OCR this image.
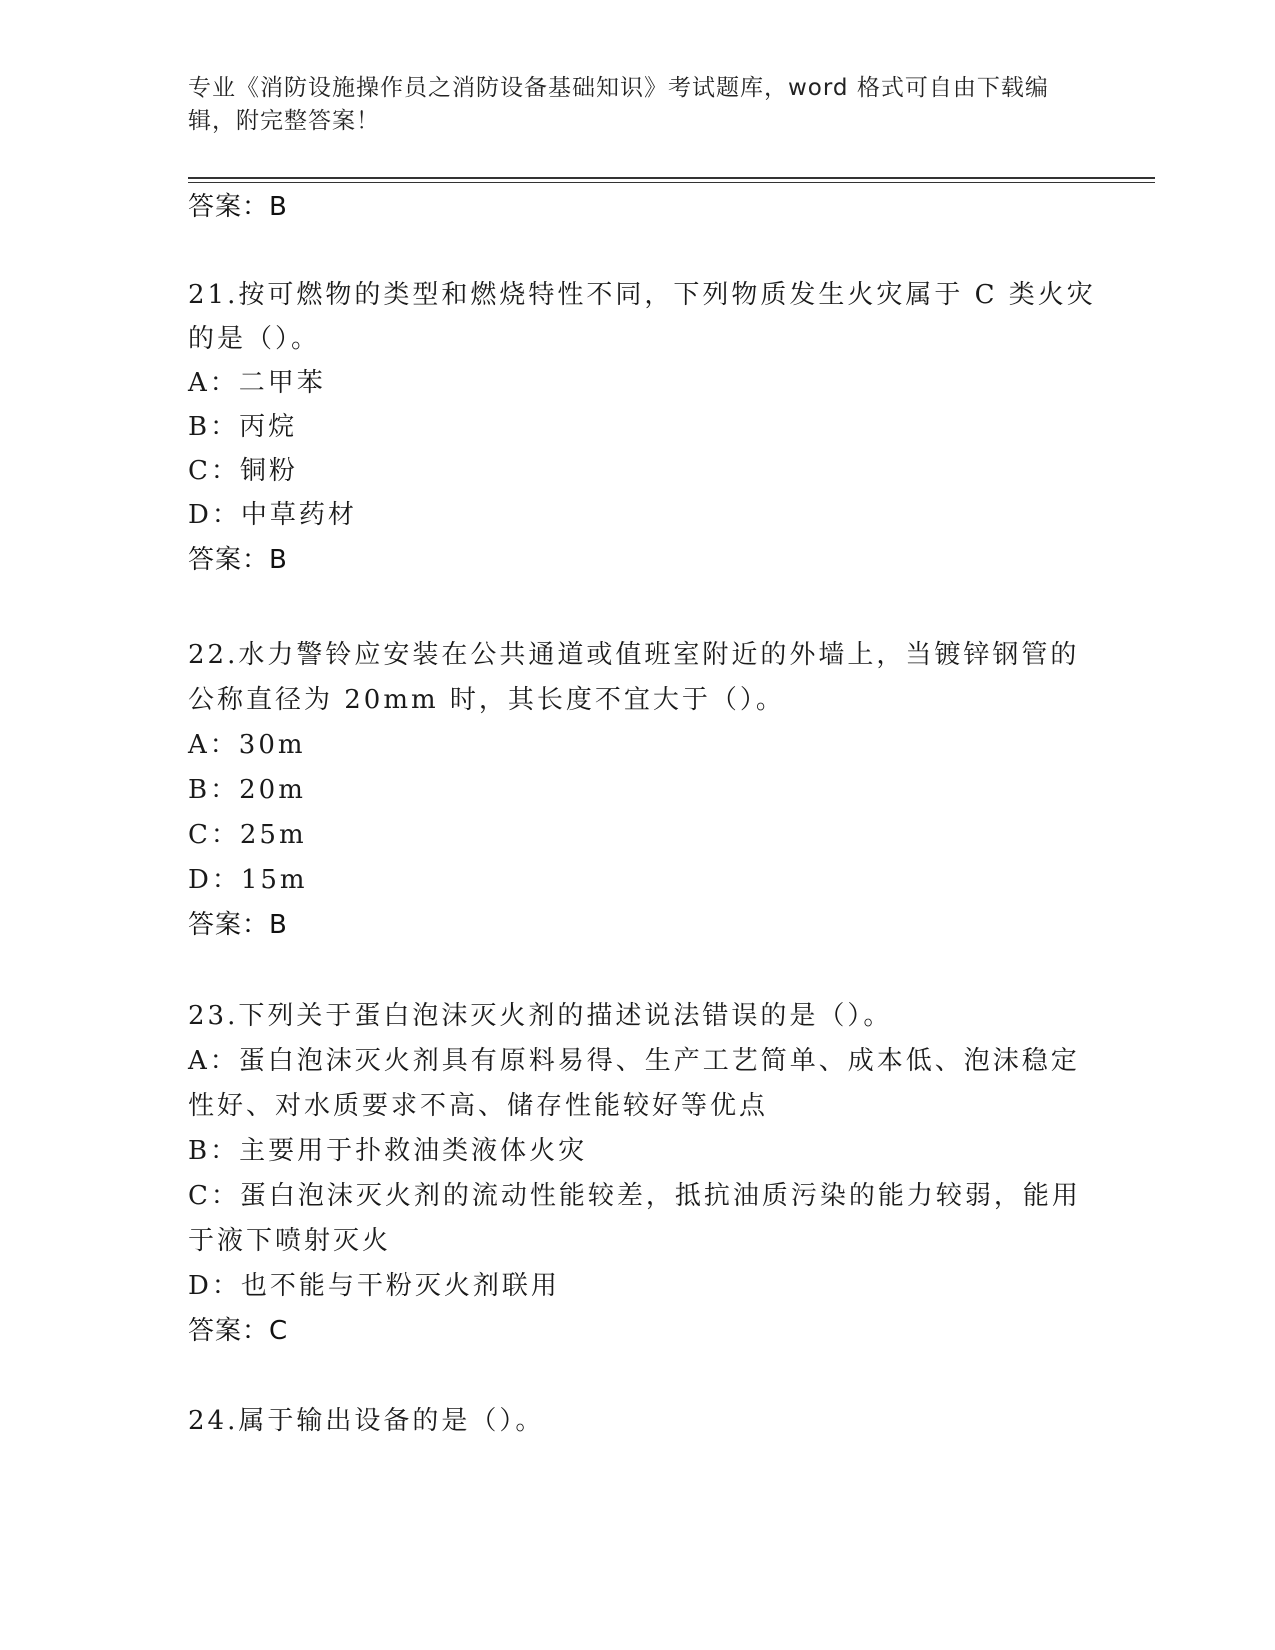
专业《消防设施操作员之消防设备基础知识》考试题库，word 格式可自由下载编
辑，附完整答案！
答案：B
21.按可燃物的类型和燃烧特性不同，下列物质发生火灾属于 C 类火灾
的是（）。
A：二甲苯
B：丙烷
C：铜粉
D：中草药材
答案：B
22.水力警铃应安装在公共通道或值班室附近的外墙上，当镀锌钢管的
公称直径为 20mm 时，其长度不宜大于（）。
A：30m
B：20m
C：25m
D：15m
答案：B
23.下列关于蛋白泡沫灭火剂的描述说法错误的是（）。
A：蛋白泡沫灭火剂具有原料易得、生产工艺简单、成本低、泡沫稳定
性好、对水质要求不高、储存性能较好等优点
B：主要用于扑救油类液体火灾
C：蛋白泡沫灭火剂的流动性能较差，抵抗油质污染的能力较弱，能用
于液下喷射灭火
D：也不能与干粉灭火剂联用
答案：C
24.属于输出设备的是（）。
